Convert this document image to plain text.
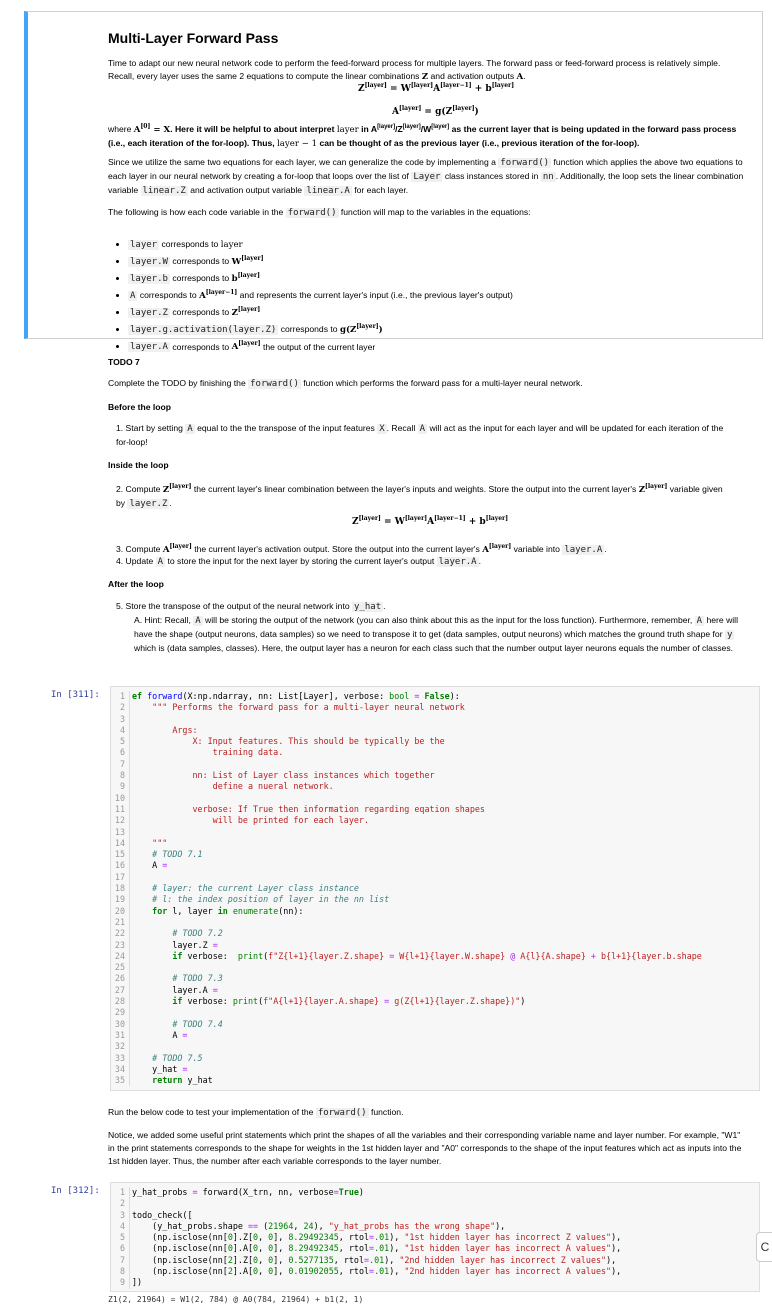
Multi-Layer Forward Pass
Time to adapt our new neural network code to perform the feed-forward process for multiple layers. The forward pass or feed-forward process is relatively simple. Recall, every layer uses the same 2 equations to compute the linear combinations Z and activation outputs A.
Z[layer] = W[layer]A[layer−1] + b[layer]
A[layer] = g(Z[layer])
where A[0] = X. Here it will be helpful to about interpret layer in A[layer]/Z[layer]/W[layer] as the current layer that is being updated in the forward pass process (i.e., each iteration of the for-loop). Thus, layer − 1 can be thought of as the previous layer (i.e., previous iteration of the for-loop).
Since we utilize the same two equations for each layer, we can generalize the code by implementing a forward() function which applies the above two equations to each layer in our neural network by creating a for-loop that loops over the list of Layer class instances stored in nn . Additionally, the loop sets the linear combination variable linear.Z and activation output variable linear.A for each layer.
The following is how each code variable in the forward() function will map to the variables in the equations:
• layer corresponds to layer
• layer.W corresponds to W[layer]
• layer.b corresponds to b[layer]
• A corresponds to A[layer−1] and represents the current layer's input (i.e., the previous layer's output)
• layer.Z corresponds to Z[layer]
• layer.g.activation(layer.Z) corresponds to g(Z[layer])
• layer.A corresponds to A[layer] the output of the current layer
TODO 7
Complete the TODO by finishing the forward() function which performs the forward pass for a multi-layer neural network.
Before the loop
1. Start by setting A equal to the the transpose of the input features X . Recall A will act as the input for each layer and will be updated for each iteration of the for-loop!
Inside the loop
2. Compute Z[layer] the current layer's linear combination between the layer's inputs and weights. Store the output into the current layer's Z[layer] variable given by layer.Z .
Z[layer] = W[layer]A[layer−1] + b[layer]
3. Compute A[layer] the current layer's activation output. Store the output into the current layer's A[layer] variable into layer.A .
4. Update A to store the input for the next layer by storing the current layer's output layer.A .
After the loop
5. Store the transpose of the output of the neural network into y_hat .
A. Hint: Recall, A will be storing the output of the network (you can also think about this as the input for the loss function). Furthermore, remember, A here will have the shape (output neurons, data samples) so we need to transpose it to get (data samples, output neurons) which matches the ground truth shape for y which is (data samples, classes). Here, the output layer has a neuron for each class such that the number output layer neurons equals the number of classes.
In [311]:	1 ef forward(X:np.ndarray, nn: List[Layer], verbose: bool = False):
2	""" Performs the forward pass for a multi-layer neural network
3
4        Args:
5            X: Input features. This should be typically be the
6                training data.
7
8            nn: List of Layer class instances which together
9                define a nueral network.
10
11            verbose: If True then information regarding eqation shapes
12                will be printed for each layer.
13
14    """
15	# TODO 7.1
16    A =
17
18	# layer: the current Layer class instance
19	# l: the index position of layer in the nn list
20	for l, layer in enumerate(nn):
21
22	# TODO 7.2
23        layer.Z =
24	if verbose:  print(f"Z{l+1}{layer.Z.shape} = W{l+1}{layer.W.shape} @ A{l}{A.shape} + b{l+1}{layer.b.shape
25
26	# TODO 7.3
27        layer.A =
28	if verbose: print(f"A{l+1}{layer.A.shape} = g(Z{l+1}{layer.Z.shape})")
29
30	# TODO 7.4
31        A =
32
33	# TODO 7.5
34    y_hat =
35	return y_hat
Run the below code to test your implementation of the forward() function.
Notice, we added some useful print statements which print the shapes of all the variables and their corresponding variable name and layer number. For example, "W1" in the print statements corresponds to the shape for weights in the 1st hidden layer and "A0" corresponds to the shape of the input features which act as inputs into the 1st hidden layer. Thus, the number after each variable corresponds to the layer number.
In [312]:	1 y_hat_probs = forward(X_trn, nn, verbose=True)
2
3 todo_check([
4    (y_hat_probs.shape == (21964, 24), "y_hat_probs has the wrong shape"),
5    (np.isclose(nn[0].Z[0, 0], 8.29492345, rtol=.01), "1st hidden layer has incorrect Z values"),
6    (np.isclose(nn[0].A[0, 0], 8.29492345, rtol=.01), "1st hidden layer has incorrect A values"),
7    (np.isclose(nn[2].Z[0, 0], 0.5277135, rtol=.01), "2nd hidden layer has incorrect Z values"),
8    (np.isclose(nn[2].A[0, 0], 0.01902055, rtol=.01), "2nd hidden layer has incorrect A values"),
9 ])
Z1(2, 21964) = W1(2, 784) @ A0(784, 21964) + b1(2, 1)
C
